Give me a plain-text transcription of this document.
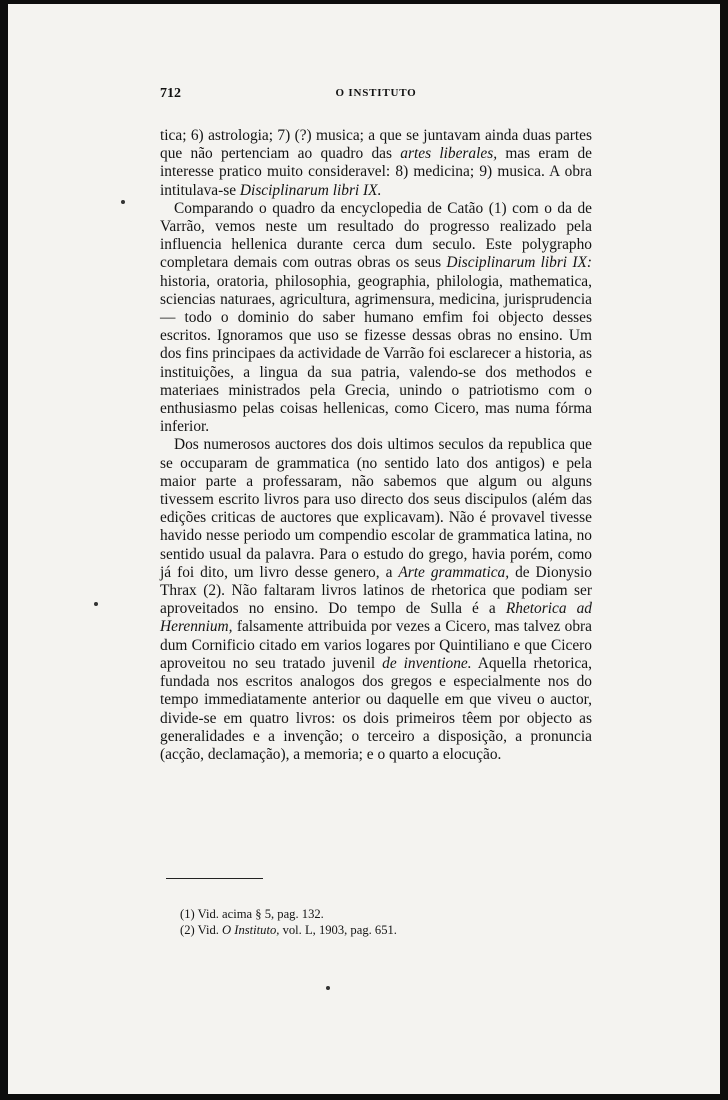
712	O INSTITUTO

tica; 6) astrologia; 7) (?) musica; a que se juntavam ainda duas partes que não pertenciam ao quadro das artes liberales, mas eram de interesse pratico muito consideravel: 8) medicina; 9) musica. A obra intitulava-se Disciplinarum libri IX.

Comparando o quadro da encyclopedia de Catão (1) com o da de Varrão, vemos neste um resultado do progresso realizado pela influencia hellenica durante cerca dum seculo. Este polygrapho completara demais com outras obras os seus Disciplinarum libri IX: historia, oratoria, philosophia, geographia, philologia, mathematica, sciencias naturaes, agricultura, agrimensura, medicina, jurisprudencia — todo o dominio do saber humano emfim foi objecto desses escritos. Ignoramos que uso se fizesse dessas obras no ensino. Um dos fins principaes da actividade de Varrão foi esclarecer a historia, as instituições, a lingua da sua patria, valendo-se dos methodos e materiaes ministrados pela Grecia, unindo o patriotismo com o enthusiasmo pelas coisas hellenicas, como Cicero, mas numa fórma inferior.

Dos numerosos auctores dos dois ultimos seculos da republica que se occuparam de grammatica (no sentido lato dos antigos) e pela maior parte a professaram, não sabemos que algum ou alguns tivessem escrito livros para uso directo dos seus discipulos (além das edições criticas de auctores que explicavam). Não é provavel tivesse havido nesse periodo um compendio escolar de grammatica latina, no sentido usual da palavra. Para o estudo do grego, havia porém, como já foi dito, um livro desse genero, a Arte grammatica, de Dionysio Thrax (2). Não faltaram livros latinos de rhetorica que podiam ser aproveitados no ensino. Do tempo de Sulla é a Rhetorica ad Herennium, falsamente attribuida por vezes a Cicero, mas talvez obra dum Cornificio citado em varios logares por Quintiliano e que Cicero aproveitou no seu tratado juvenil de inventione. Aquella rhetorica, fundada nos escritos analogos dos gregos e especialmente nos do tempo immediatamente anterior ou daquelle em que viveu o auctor, divide-se em quatro livros: os dois primeiros têem por objecto as generalidades e a invenção; o terceiro a disposição, a pronuncia (acção, declamação), a memoria; e o quarto a elocução.

(1) Vid. acima § 5, pag. 132.

(2) Vid. O Instituto, vol. L, 1903, pag. 651.
